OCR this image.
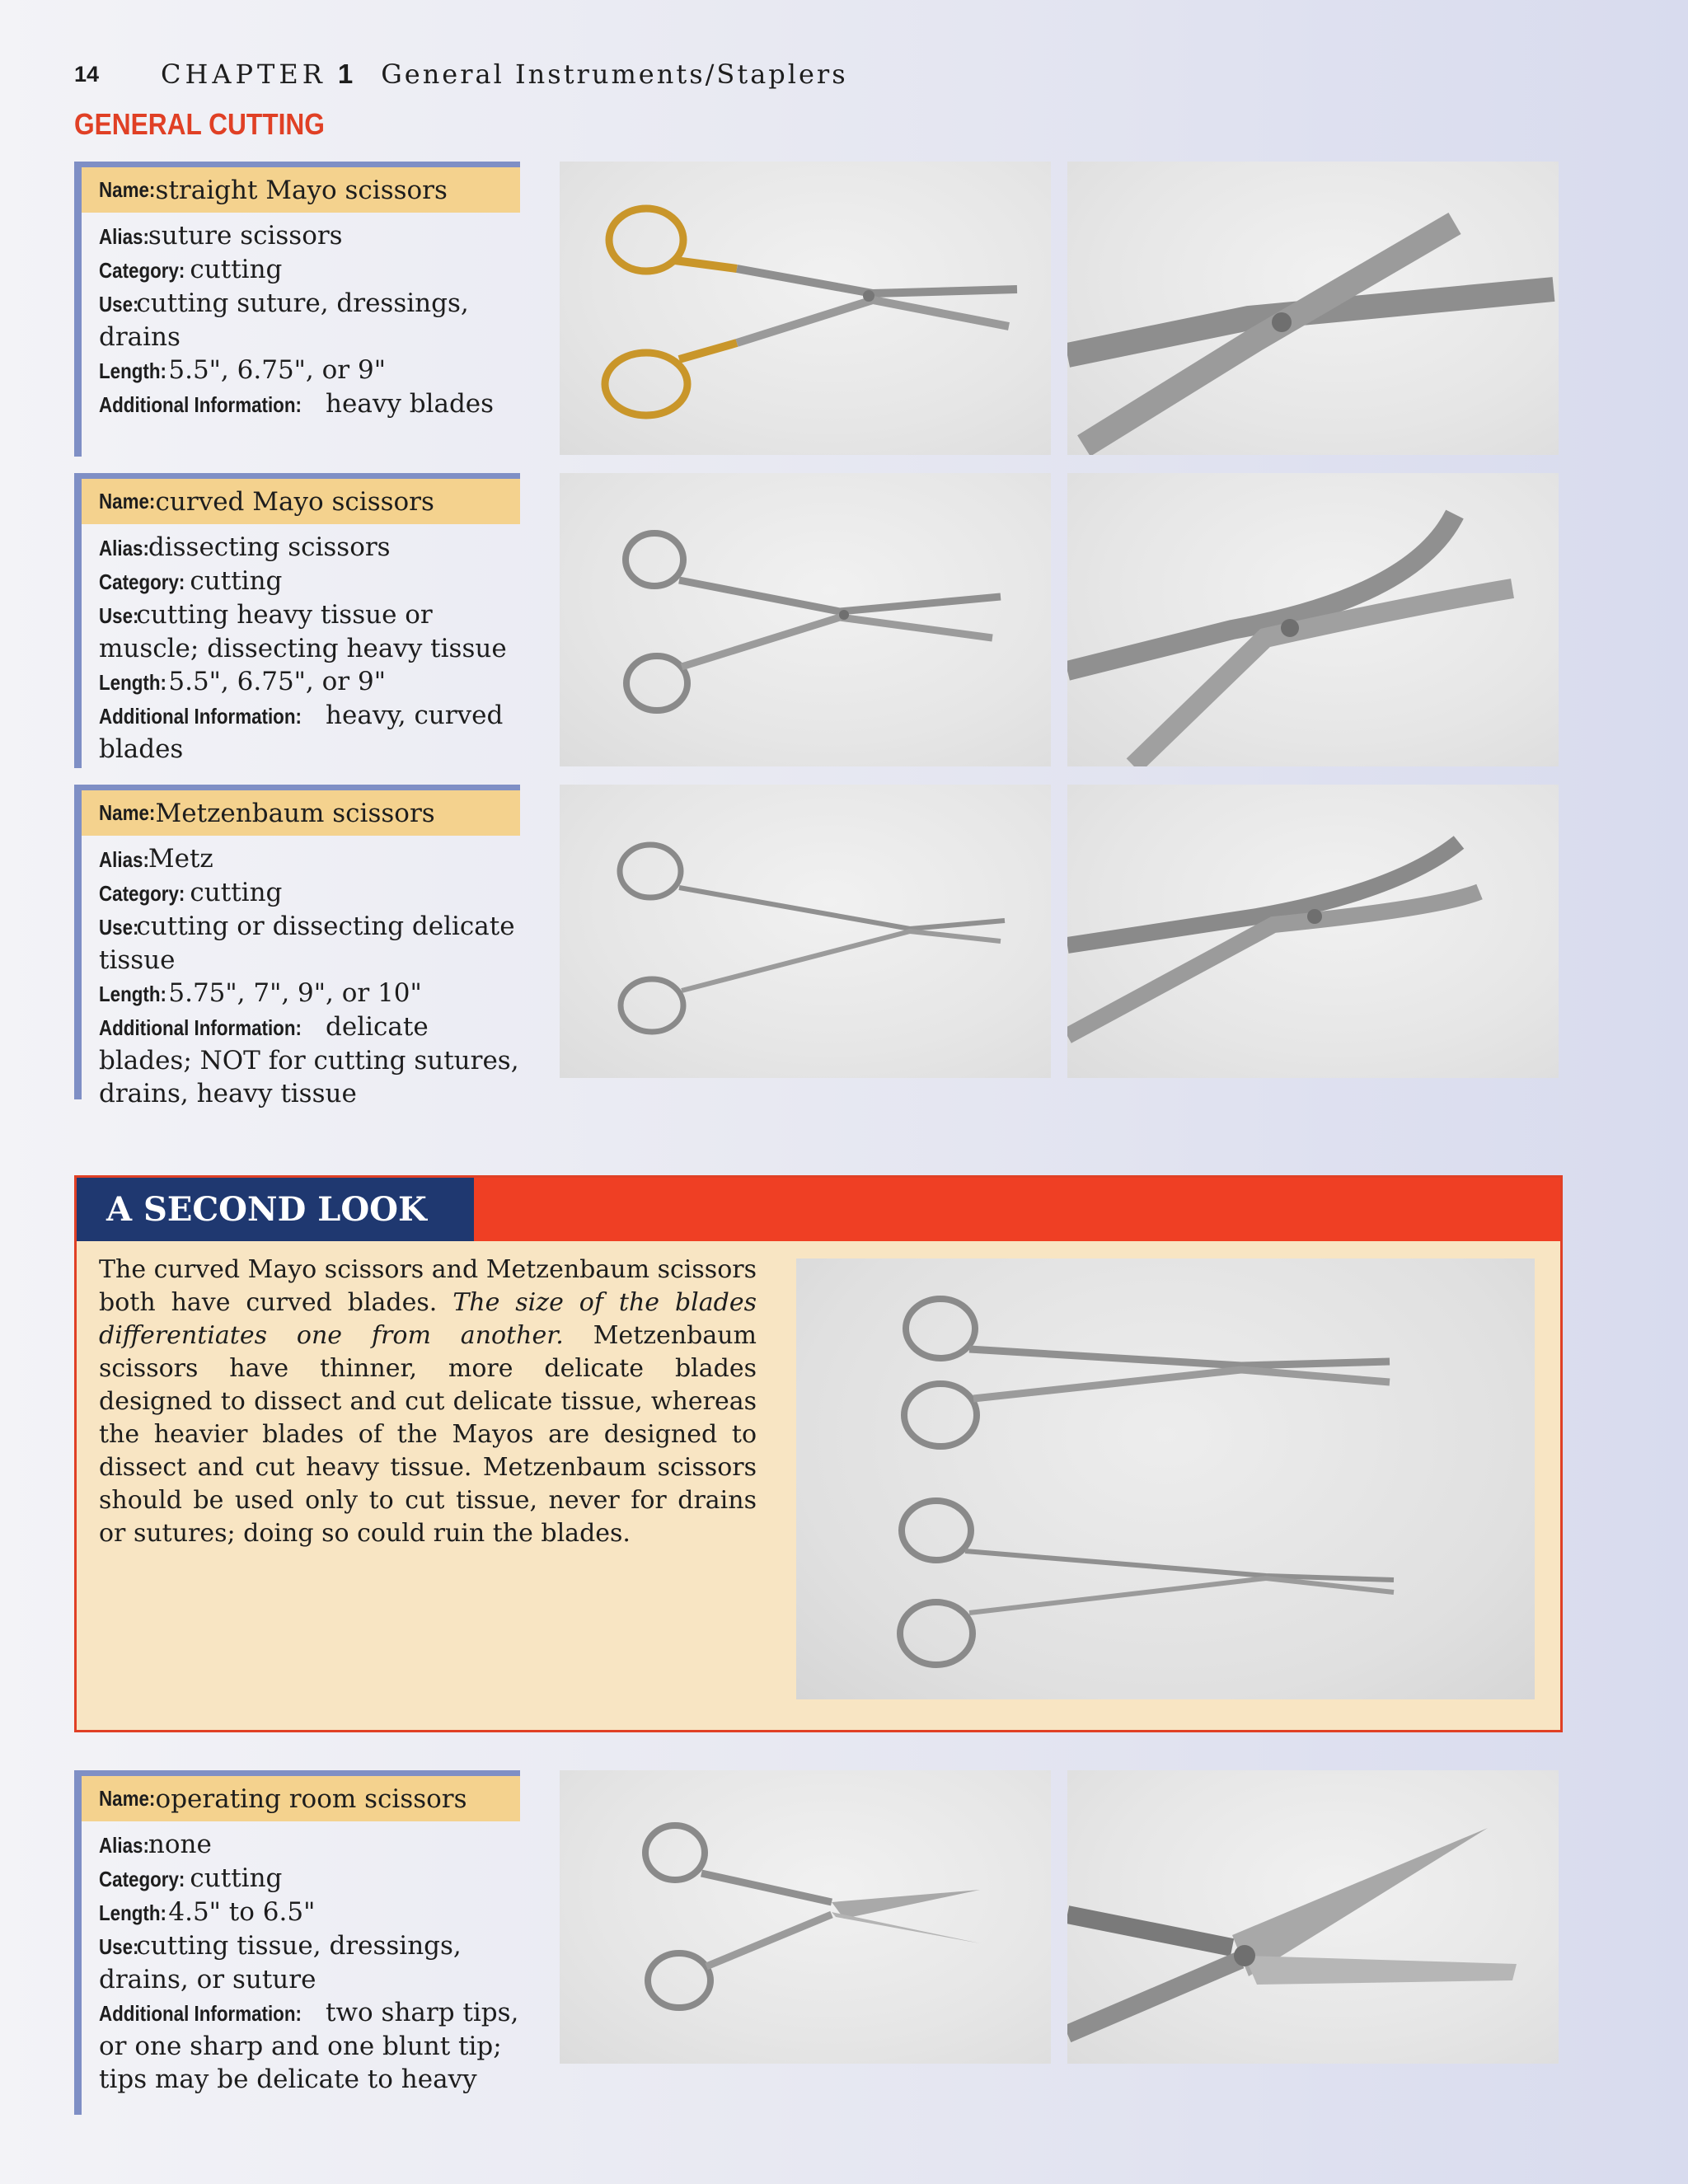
14	CHAPTER 1 General Instruments/Staplers
GENERAL CUTTING
Name:
straight Mayo scissors
Alias: suture scissors
Category: cutting
Use: cutting suture, dressings, drains
Length: 5.5", 6.75", or 9"
Additional Information: heavy blades
Name:
curved Mayo scissors
Alias: dissecting scissors
Category: cutting
Use: cutting heavy tissue or muscle; dissecting heavy tissue
Length: 5.5", 6.75", or 9"
Additional Information: heavy, curved blades
Name:
Metzenbaum scissors
Alias: Metz
Category: cutting
Use: cutting or dissecting delicate tissue
Length: 5.75", 7", 9", or 10"
Additional Information: delicate blades; NOT for cutting sutures, drains, heavy tissue
A SECOND LOOK
The curved Mayo scissors and Metzenbaum scissors both have curved blades. The size of the blades differentiates one from another. Metzenbaum scissors have thinner, more delicate blades designed to dissect and cut delicate tissue, whereas the heavier blades of the Mayos are designed to dissect and cut heavy tissue. Metzenbaum scissors should be used only to cut tissue, never for drains or sutures; doing so could ruin the blades.
Name:
operating room scissors
Alias: none
Category: cutting
Length: 4.5" to 6.5"
Use: cutting tissue, dressings, drains, or suture
Additional Information: two sharp tips, or one sharp and one blunt tip; tips may be delicate to heavy
